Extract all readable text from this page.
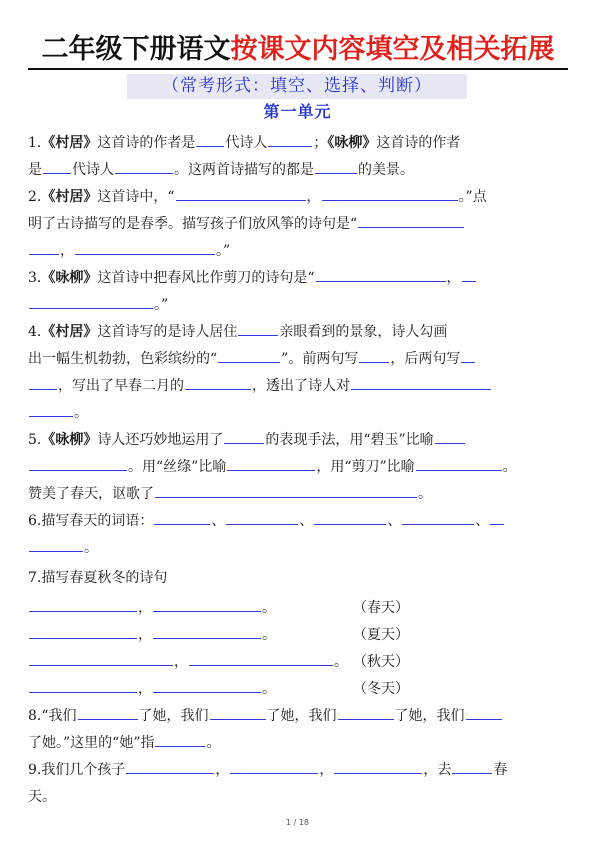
二年级下册语文按课文内容填空及相关拓展
（常考形式：填空、选择、判断）
第一单元
1.《村居》这首诗的作者是 代诗人	；《咏柳》这首诗的作者
是 代诗人	。这两首诗描写的都是	的美景。
2.《村居》这首诗中，“	，	。”点
明了古诗描写的是春季。描写孩子们放风筝的诗句是“
，	。”
3.《咏柳》这首诗中把春风比作剪刀的诗句是“	，
。”
4.《村居》这首诗写的是诗人居住	亲眼看到的景象，诗人勾画
出一幅生机勃勃，色彩缤纷的“	”。前两句写 ，后两句写
，写出了早春二月的	，透出了诗人对
。
5.《咏柳》诗人还巧妙地运用了	的表现手法，用“碧玉”比喻
。用“丝绦”比喻	，用“剪刀”比喻	。
赞美了春天，讴歌了	。
6.描写春天的词语：	、	、	、	、
。
7.描写春夏秋冬的诗句
，	。	（春天）
，	。	（夏天）
，	。 （秋天）
，	。	（冬天）
8.“我们	了她，我们	了她，我们	了她，我们
了她。”这里的“她”指	。
9.我们几个孩子	，	，	，去	春
天。
1 / 18
